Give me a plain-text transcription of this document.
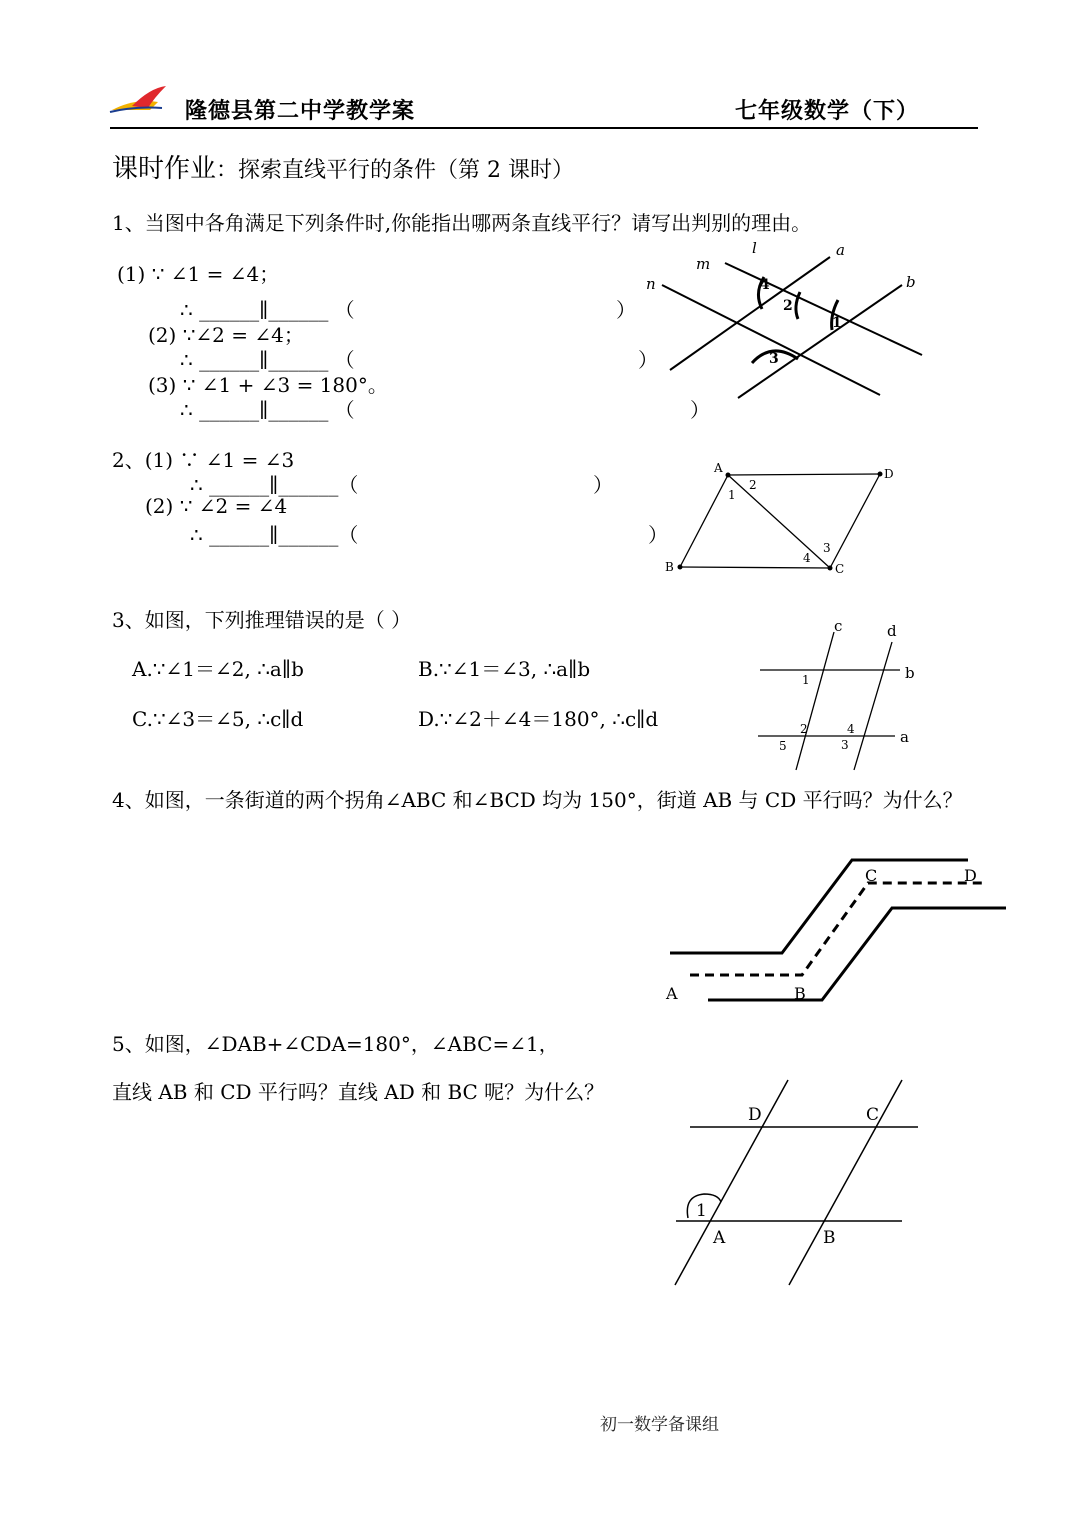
隆德县第二中学教学案	七年级数学（下）
课时作业：探索直线平行的条件（第 2 课时）
1、当图中各角满足下列条件时,你能指出哪两条直线平行？请写出判别的理由。
(1) ∵ ∠1 = ∠4；
∴ ______∥______ （	）
(2) ∵∠2 = ∠4；
∴ ______∥______ （	）
(3) ∵ ∠1 + ∠3 = 180°。
∴ ______∥______ （	）
l	a
m
n	b
4
2
1
3
2、(1) ∵ ∠1 = ∠3
∴ ______∥______（	）
(2) ∵ ∠2 = ∠4
∴ ______∥______（	）
A	D
B	C
1
2
4
3
3、如图，下列推理错误的是（ ）
A.∵∠1＝∠2, ∴a∥b	B.∵∠1＝∠3, ∴a∥b
C.∵∠3＝∠5, ∴c∥d	D.∵∠2＋∠4＝180°, ∴c∥d
c	d
b
a
1
2	4
5	3
4、如图，一条街道的两个拐角∠ABC 和∠BCD 均为 150°，街道 AB 与 CD 平行吗？为什么？
A	B
C	D
5、如图，∠DAB+∠CDA=180°，∠ABC=∠1，
直线 AB 和 CD 平行吗？直线 AD 和 BC 呢？为什么？
D	C
1
A	B
初一数学备课组
